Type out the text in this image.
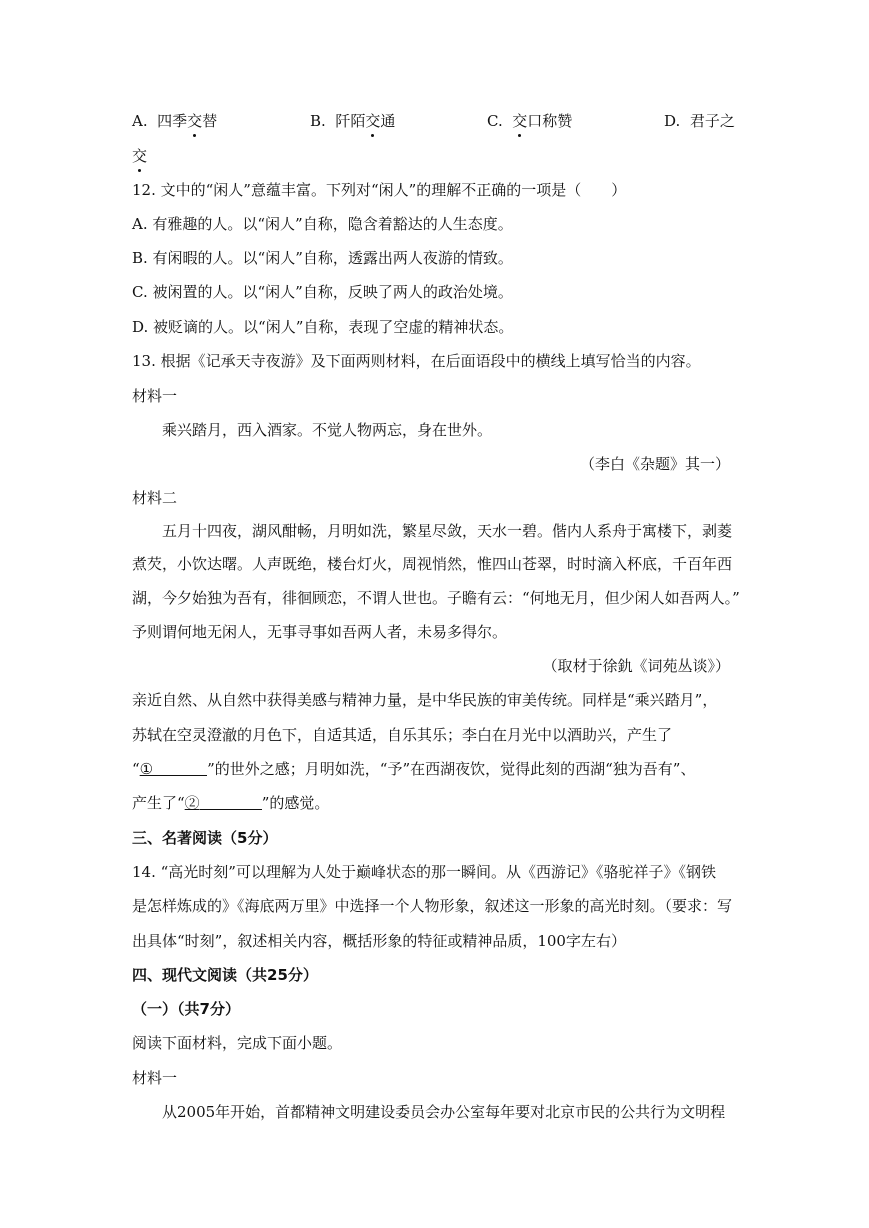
A. 四季交替	B. 阡陌交通	C. 交口称赞	D. 君子之
交
12. 文中的“闲人”意蕴丰富。下列对“闲人”的理解不正确的一项是（　　）
A. 有雅趣的人。以“闲人”自称，隐含着豁达的人生态度。
B. 有闲暇的人。以“闲人”自称，透露出两人夜游的情致。
C. 被闲置的人。以“闲人”自称，反映了两人的政治处境。
D. 被贬谪的人。以“闲人”自称，表现了空虚的精神状态。
13. 根据《记承天寺夜游》及下面两则材料，在后面语段中的横线上填写恰当的内容。
材料一
乘兴踏月，西入酒家。不觉人物两忘，身在世外。
（李白《杂题》其一）
材料二
五月十四夜，湖风酣畅，月明如洗，繁星尽敛，天水一碧。偕内人系舟于寓楼下，剥菱
煮芡，小饮达曙。人声既绝，楼台灯火，周视悄然，惟四山苍翠，时时滴入杯底，千百年西
湖，今夕始独为吾有，徘徊顾恋，不谓人世也。子瞻有云：“何地无月，但少闲人如吾两人。”
予则谓何地无闲人，无事寻事如吾两人者，未易多得尔。
（取材于徐釚《词苑丛谈》）
亲近自然、从自然中获得美感与精神力量，是中华民族的审美传统。同样是“乘兴踏月”，
苏轼在空灵澄澈的月色下，自适其适，自乐其乐；李白在月光中以酒助兴，产生了
“①	”的世外之感；月明如洗，“予”在西湖夜饮，觉得此刻的西湖“独为吾有”、
产生了“②	”的感觉。
三、名著阅读（5分）
14. “高光时刻”可以理解为人处于巅峰状态的那一瞬间。从《西游记》《骆驼祥子》《钢铁
是怎样炼成的》《海底两万里》中选择一个人物形象，叙述这一形象的高光时刻。（要求：写
出具体“时刻”，叙述相关内容，概括形象的特征或精神品质，100字左右）
四、现代文阅读（共25分）
（一）（共7分）
阅读下面材料，完成下面小题。
材料一
从2005年开始，首都精神文明建设委员会办公室每年要对北京市民的公共行为文明程
